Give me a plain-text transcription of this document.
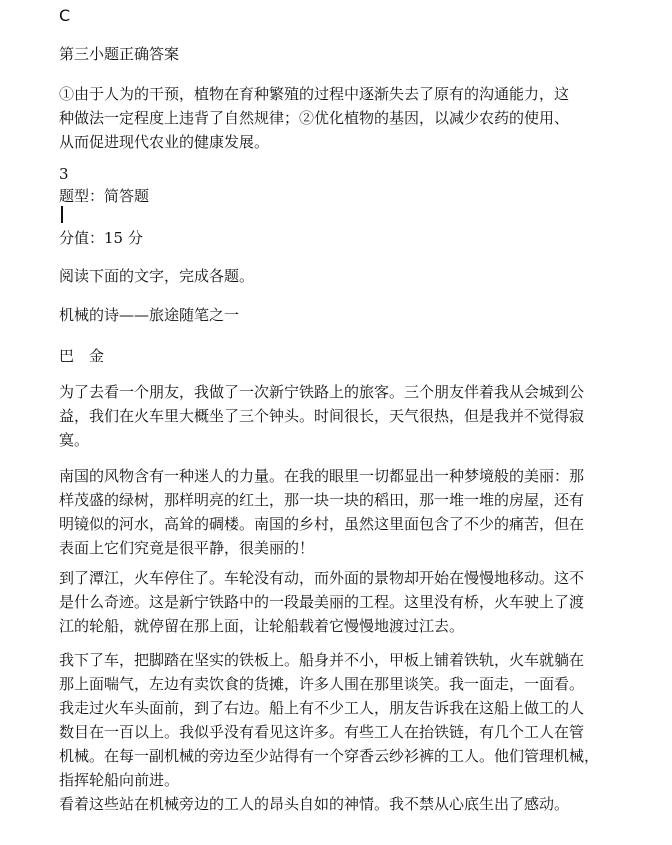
C
第三小题正确答案
①由于人为的干预，植物在育种繁殖的过程中逐渐失去了原有的沟通能力，这
种做法一定程度上违背了自然规律；②优化植物的基因，以减少农药的使用、
从而促进现代农业的健康发展。
3
题型：简答题
分值：15 分
阅读下面的文字，完成各题。
机械的诗——旅途随笔之一
巴　金
为了去看一个朋友，我做了一次新宁铁路上的旅客。三个朋友伴着我从会城到公
益，我们在火车里大概坐了三个钟头。时间很长，天气很热，但是我并不觉得寂
寞。
南国的风物含有一种迷人的力量。在我的眼里一切都显出一种梦境般的美丽：那
样茂盛的绿树，那样明亮的红土，那一块一块的稻田，那一堆一堆的房屋，还有
明镜似的河水，高耸的碉楼。南国的乡村，虽然这里面包含了不少的痛苦，但在
表面上它们究竟是很平静，很美丽的！
到了潭江，火车停住了。车轮没有动，而外面的景物却开始在慢慢地移动。这不
是什么奇迹。这是新宁铁路中的一段最美丽的工程。这里没有桥，火车驶上了渡
江的轮船，就停留在那上面，让轮船载着它慢慢地渡过江去。
我下了车，把脚踏在坚实的铁板上。船身并不小，甲板上铺着铁轨，火车就躺在
那上面喘气，左边有卖饮食的货摊，许多人围在那里谈笑。我一面走，一面看。
我走过火车头面前，到了右边。船上有不少工人，朋友告诉我在这船上做工的人
数目在一百以上。我似乎没有看见这许多。有些工人在抬铁链，有几个工人在管
机械。在每一副机械的旁边至少站得有一个穿香云纱衫裤的工人。他们管理机械，
指挥轮船向前进。
看着这些站在机械旁边的工人的昂头自如的神情。我不禁从心底生出了感动。
